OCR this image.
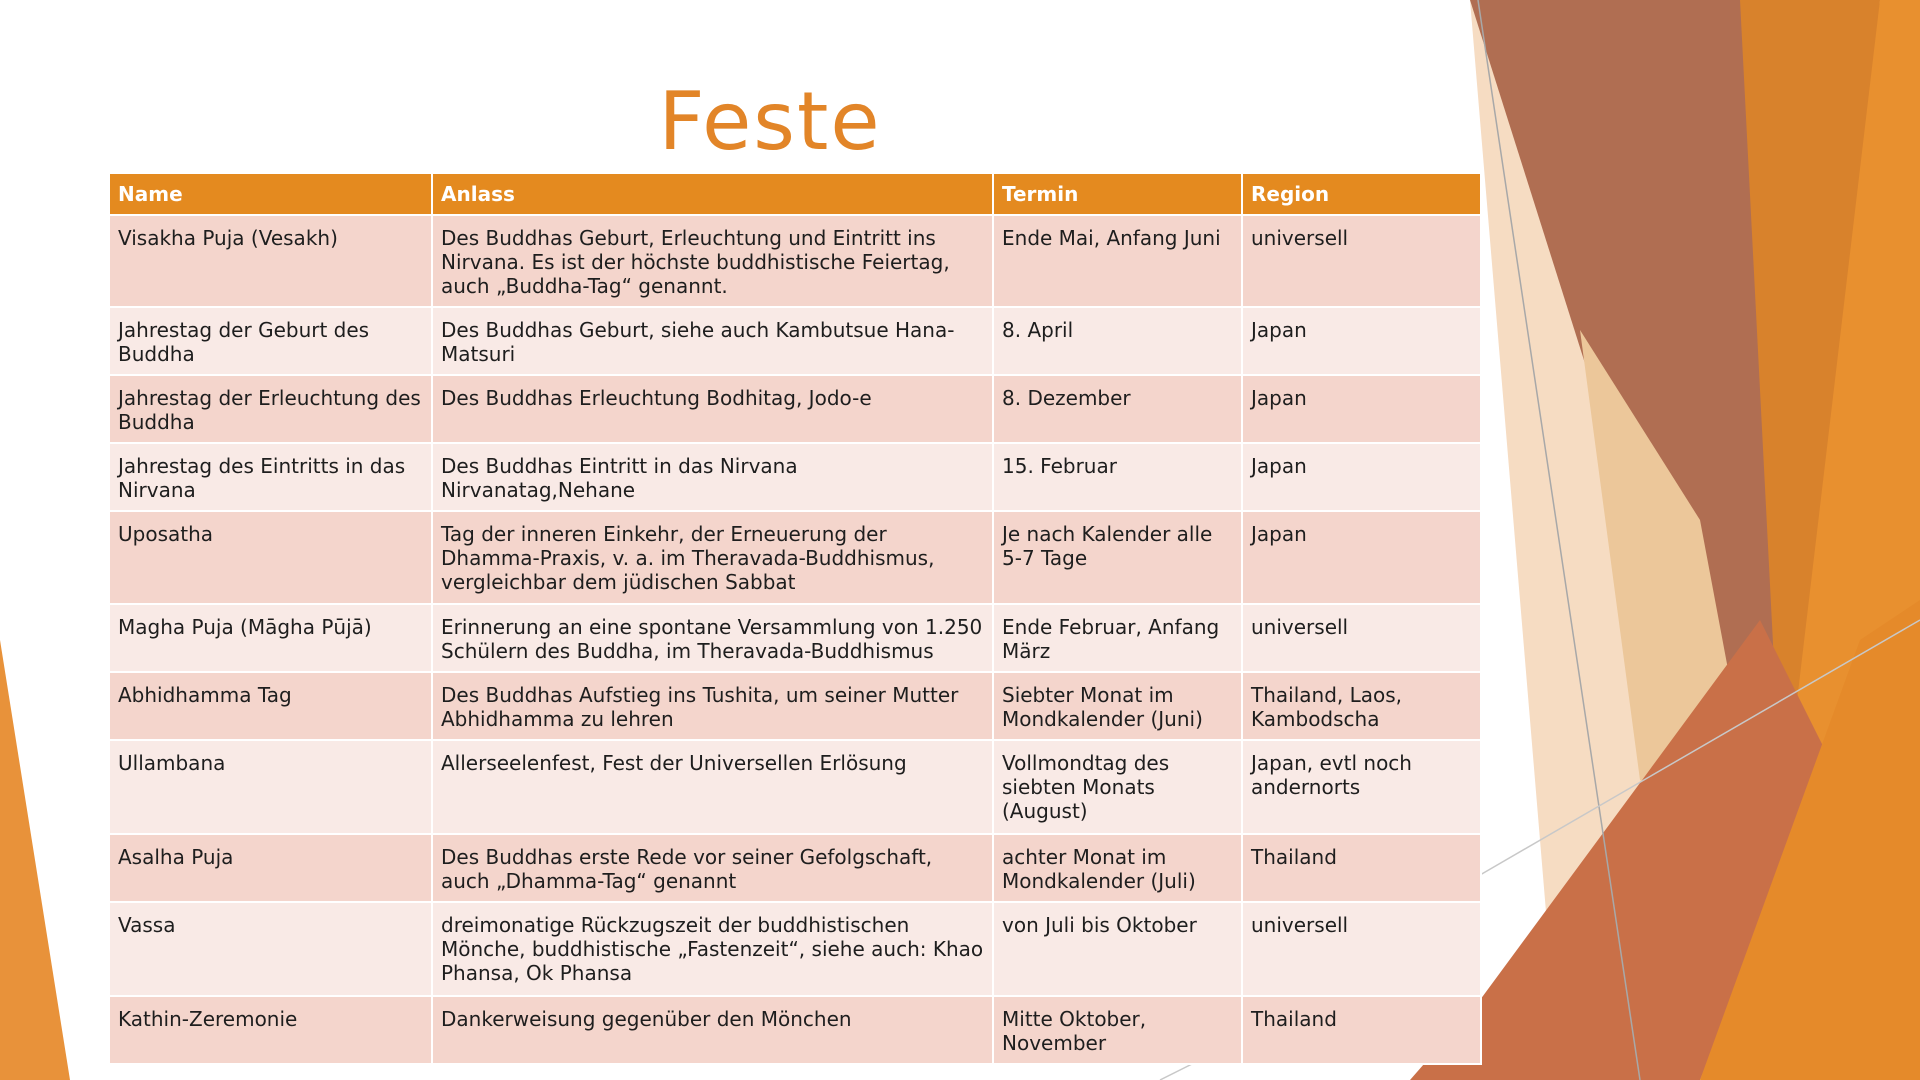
Feste
Name	Anlass	Termin	Region
Visakha Puja (Vesakh)	Des Buddhas Geburt, Erleuchtung und Eintritt ins Nirvana. Es ist der höchste buddhistische Feiertag, auch „Buddha-Tag“ genannt.	Ende Mai, Anfang Juni	universell
Jahrestag der Geburt des Buddha	Des Buddhas Geburt, siehe auch Kambutsue Hana-Matsuri	8. April	Japan
Jahrestag der Erleuchtung des Buddha	Des Buddhas Erleuchtung Bodhitag, Jodo-e	8. Dezember	Japan
Jahrestag des Eintritts in das Nirvana	Des Buddhas Eintritt in das Nirvana Nirvanatag,Nehane	15. Februar	Japan
Uposatha	Tag der inneren Einkehr, der Erneuerung der Dhamma-Praxis, v. a. im Theravada-Buddhismus, vergleichbar dem jüdischen Sabbat	Je nach Kalender alle 5-7 Tage	Japan
Magha Puja (Māgha Pūjā)	Erinnerung an eine spontane Versammlung von 1.250 Schülern des Buddha, im Theravada-Buddhismus	Ende Februar, Anfang März	universell
Abhidhamma Tag	Des Buddhas Aufstieg ins Tushita, um seiner Mutter Abhidhamma zu lehren	Siebter Monat im Mondkalender (Juni)	Thailand, Laos, Kambodscha
Ullambana	Allerseelenfest, Fest der Universellen Erlösung	Vollmondtag des siebten Monats (August)	Japan, evtl noch andernorts
Asalha Puja	Des Buddhas erste Rede vor seiner Gefolgschaft, auch „Dhamma-Tag“ genannt	achter Monat im Mondkalender (Juli)	Thailand
Vassa	dreimonatige Rückzugszeit der buddhistischen Mönche, buddhistische „Fastenzeit“, siehe auch: Khao Phansa, Ok Phansa	von Juli bis Oktober	universell
Kathin-Zeremonie	Dankerweisung gegenüber den Mönchen	Mitte Oktober, November	Thailand
